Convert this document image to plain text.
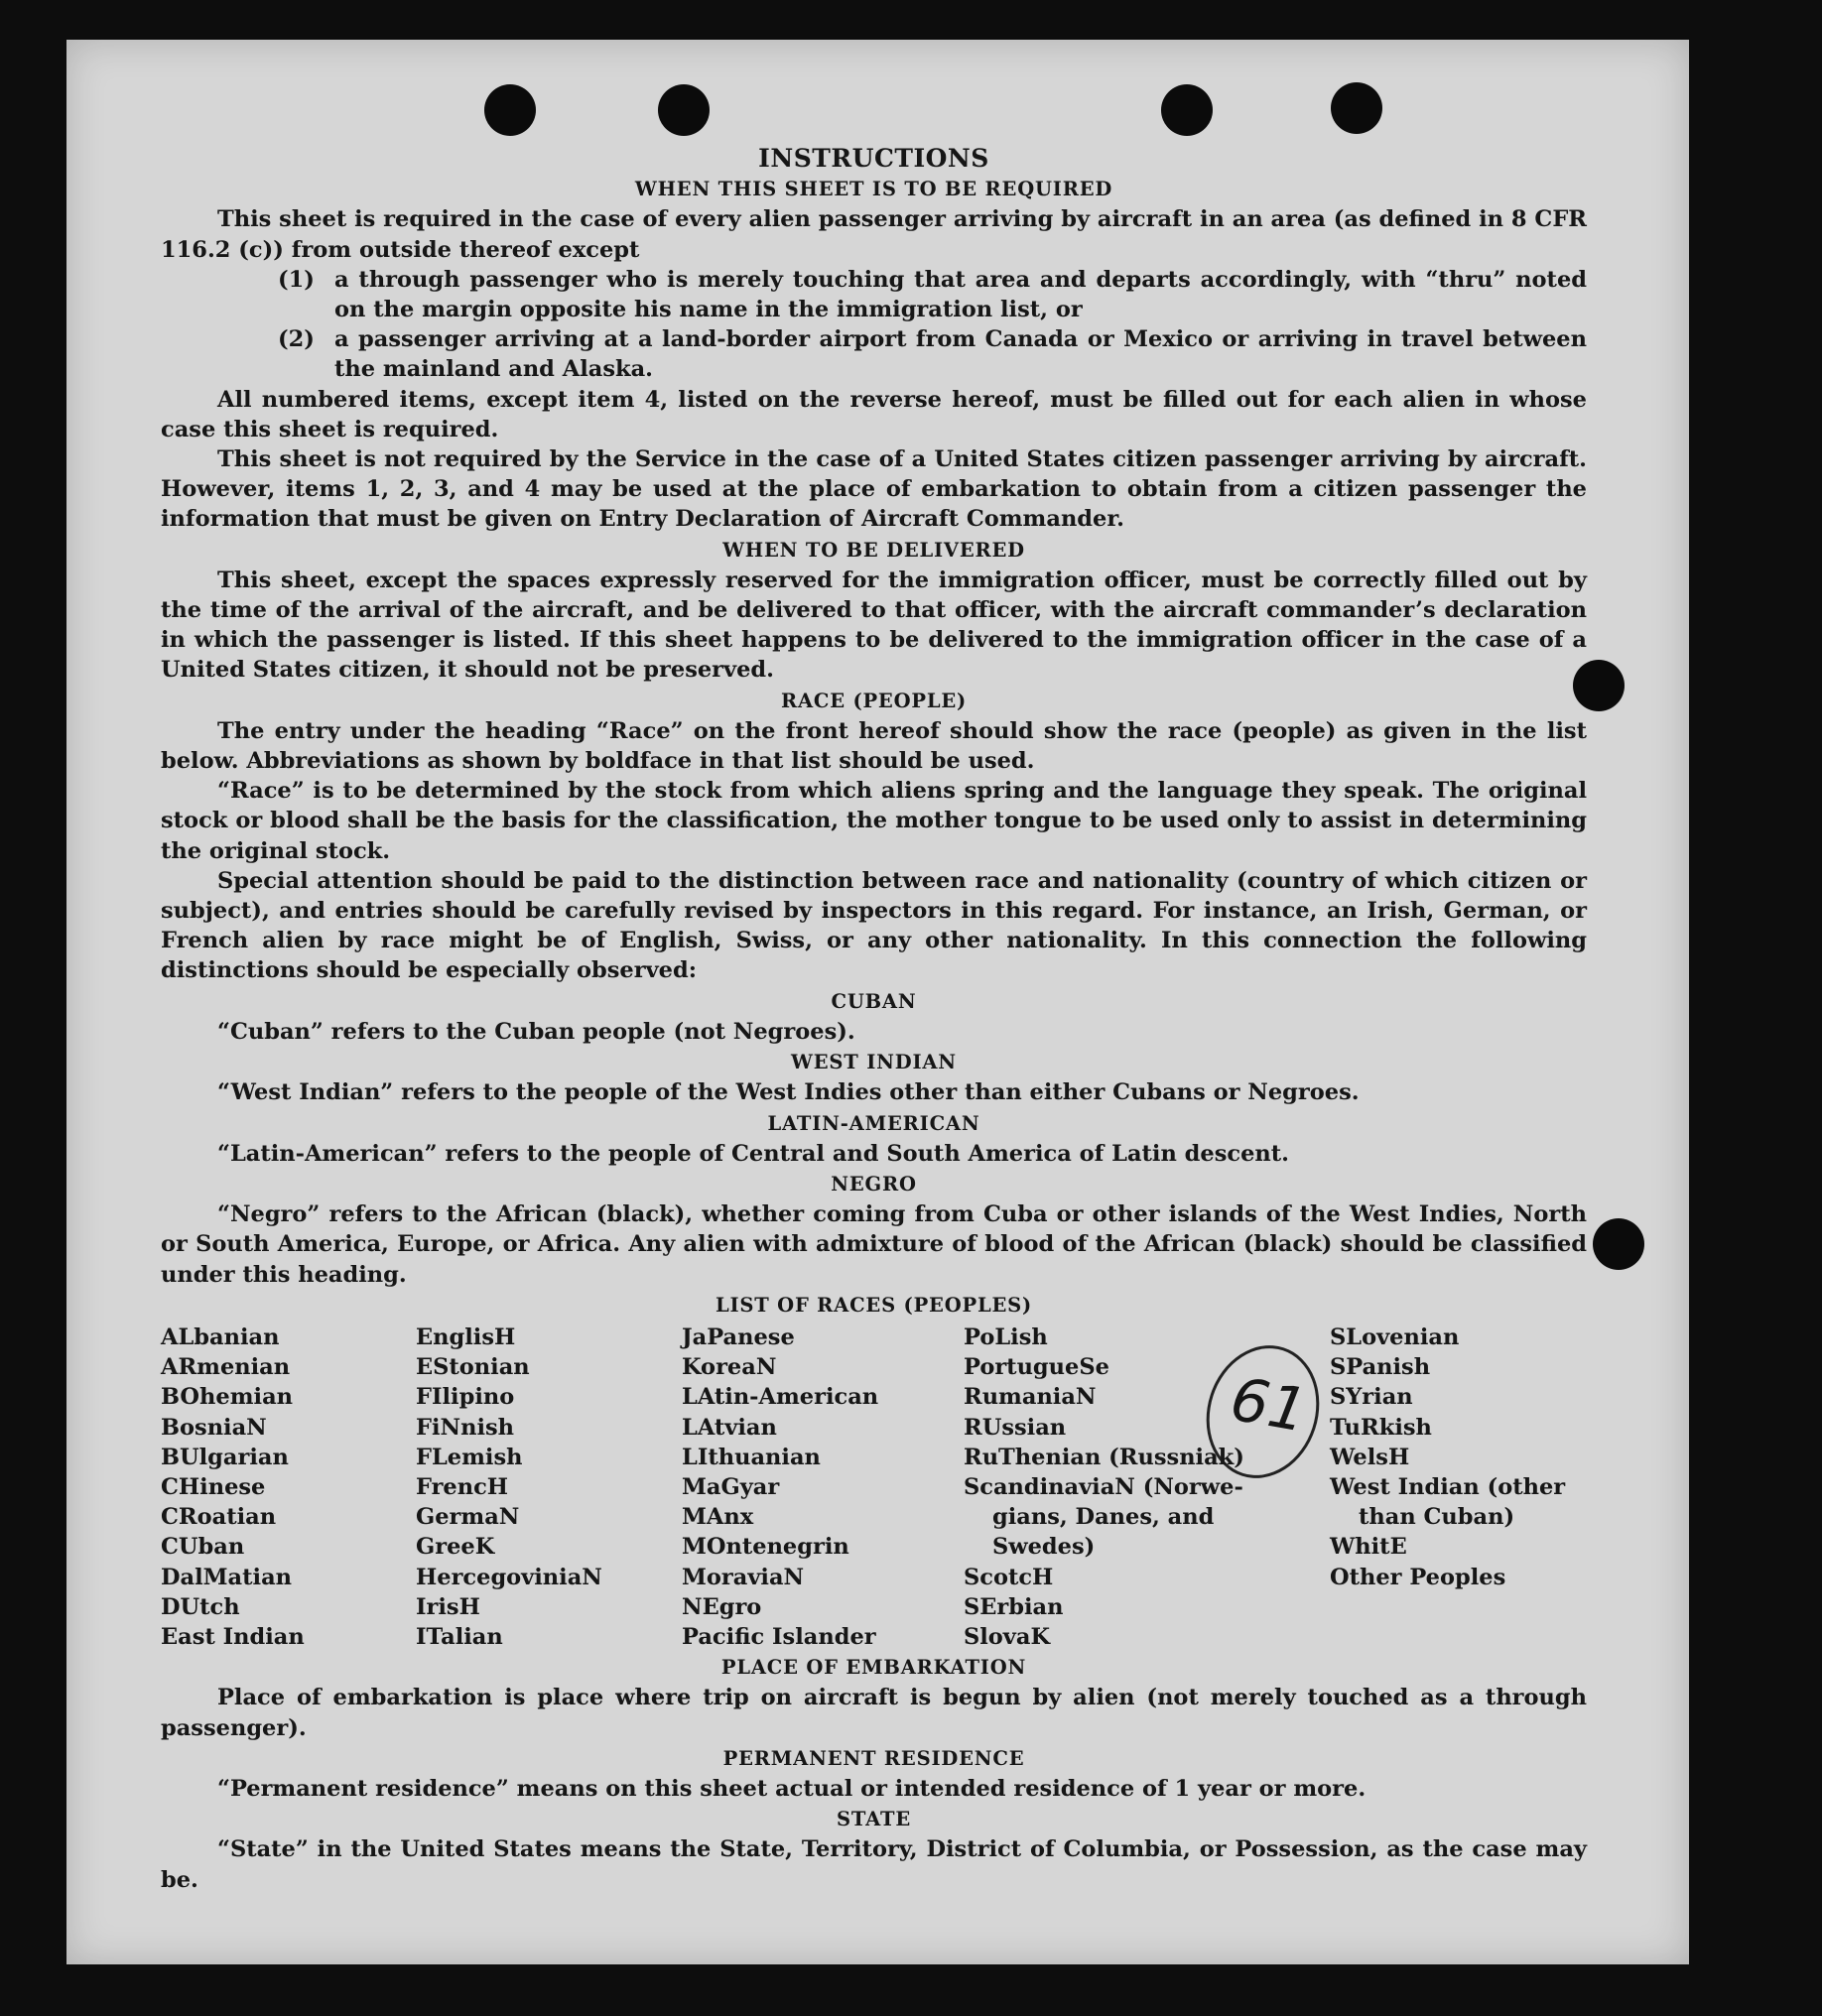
61
INSTRUCTIONS
WHEN THIS SHEET IS TO BE REQUIRED

This sheet is required in the case of every alien passenger arriving by aircraft in an area (as defined in 8 CFR 116.2 (c)) from outside thereof except

(1) a through passenger who is merely touching that area and departs accordingly, with “thru” noted on the margin opposite his name in the immigration list, or
(2) a passenger arriving at a land-border airport from Canada or Mexico or arriving in travel between the mainland and Alaska.

All numbered items, except item 4, listed on the reverse hereof, must be filled out for each alien in whose case this sheet is required.

This sheet is not required by the Service in the case of a United States citizen passenger arriving by aircraft. However, items 1, 2, 3, and 4 may be used at the place of embarkation to obtain from a citizen passenger the information that must be given on Entry Declaration of Aircraft Commander.

WHEN TO BE DELIVERED

This sheet, except the spaces expressly reserved for the immigration officer, must be correctly filled out by the time of the arrival of the aircraft, and be delivered to that officer, with the aircraft commander’s declaration in which the passenger is listed. If this sheet happens to be delivered to the immigration officer in the case of a United States citizen, it should not be preserved.

RACE (PEOPLE)

The entry under the heading “Race” on the front hereof should show the race (people) as given in the list below. Abbreviations as shown by boldface in that list should be used.

“Race” is to be determined by the stock from which aliens spring and the language they speak. The original stock or blood shall be the basis for the classification, the mother tongue to be used only to assist in determining the original stock.

Special attention should be paid to the distinction between race and nationality (country of which citizen or subject), and entries should be carefully revised by inspectors in this regard. For instance, an Irish, German, or French alien by race might be of English, Swiss, or any other nationality. In this connection the following distinctions should be especially observed:

CUBAN

“Cuban” refers to the Cuban people (not Negroes).

WEST INDIAN

“West Indian” refers to the people of the West Indies other than either Cubans or Negroes.

LATIN-AMERICAN

“Latin-American” refers to the people of Central and South America of Latin descent.

NEGRO

“Negro” refers to the African (black), whether coming from Cuba or other islands of the West Indies, North or South America, Europe, or Africa. Any alien with admixture of blood of the African (black) should be classified under this heading.

LIST OF RACES (PEOPLES)
ALbanian
ARmenian
BOhemian
BosniaN
BUlgarian
CHinese
CRoatian
CUban
DalMatian
DUtch
East Indian
EnglisH
EStonian
FIlipino
FiNnish
FLemish
FrencH
GermaN
GreeK
HercegoviniaN
IrisH
ITalian
JaPanese
KoreaN
LAtin-American
LAtvian
LIthuanian
MaGyar
MAnx
MOntenegrin
MoraviaN
NEgro
Pacific Islander
PoLish
PortugueSe
RumaniaN
RUssian
RuThenian (Russniak)
ScandinaviaN (Norwe-
gians, Danes, and
Swedes)
ScotcH
SErbian
SlovaK
SLovenian
SPanish
SYrian
TuRkish
WelsH
West Indian (other
than Cuban)
WhitE
Other Peoples
PLACE OF EMBARKATION

Place of embarkation is place where trip on aircraft is begun by alien (not merely touched as a through passenger).

PERMANENT RESIDENCE

“Permanent residence” means on this sheet actual or intended residence of 1 year or more.

STATE

“State” in the United States means the State, Territory, District of Columbia, or Possession, as the case may be.
